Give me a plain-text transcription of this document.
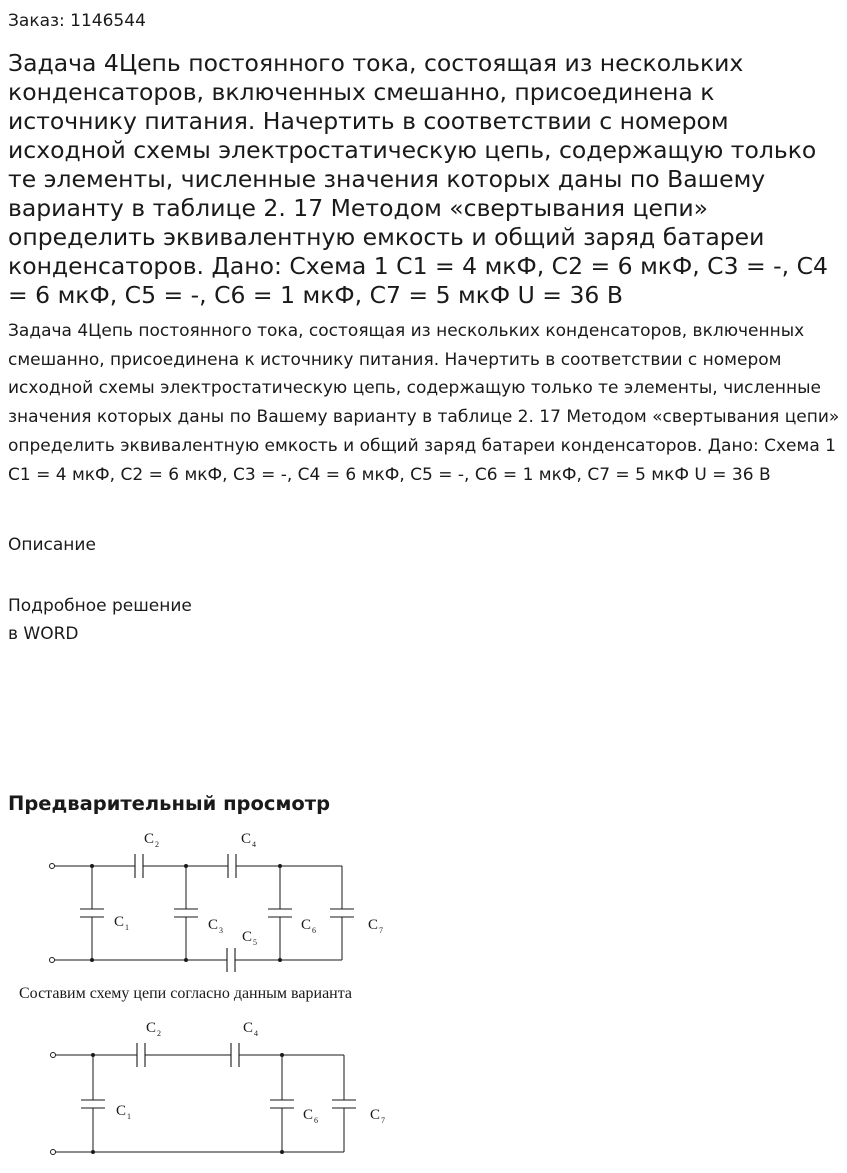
Заказ: 1146544
Задача 4Цепь постоянного тока, состоящая из нескольких конденсаторов, включенных смешанно, присоединена к источнику питания. Начертить в соответствии с номером исходной схемы электростатическую цепь, содержащую только те элементы, численные значения которых даны по Вашему варианту в таблице 2. 17 Методом «свертывания цепи» определить эквивалентную емкость и общий заряд батареи конденсаторов. Дано: Схема 1 С1 = 4 мкФ, С2 = 6 мкФ, С3 = -, С4 = 6 мкФ, С5 = -, С6 = 1 мкФ, С7 = 5 мкФ U = 36 В
Задача 4Цепь постоянного тока, состоящая из нескольких конденсаторов, включенных смешанно, присоединена к источнику питания. Начертить в соответствии с номером исходной схемы электростатическую цепь, содержащую только те элементы, численные значения которых даны по Вашему варианту в таблице 2. 17 Методом «свертывания цепи» определить эквивалентную емкость и общий заряд батареи конденсаторов. Дано: Схема 1 С1 = 4 мкФ, С2 = 6 мкФ, С3 = -, С4 = 6 мкФ, С5 = -, С6 = 1 мкФ, С7 = 5 мкФ U = 36 В
Описание
Подробное решение
в WORD
Предварительный просмотр
С 2	С 4
С 1	С 3 С 5
С 6	С 7
Составим схему цепи согласно данным варианта
С 2	С 4
С 1	С 6	С 7
